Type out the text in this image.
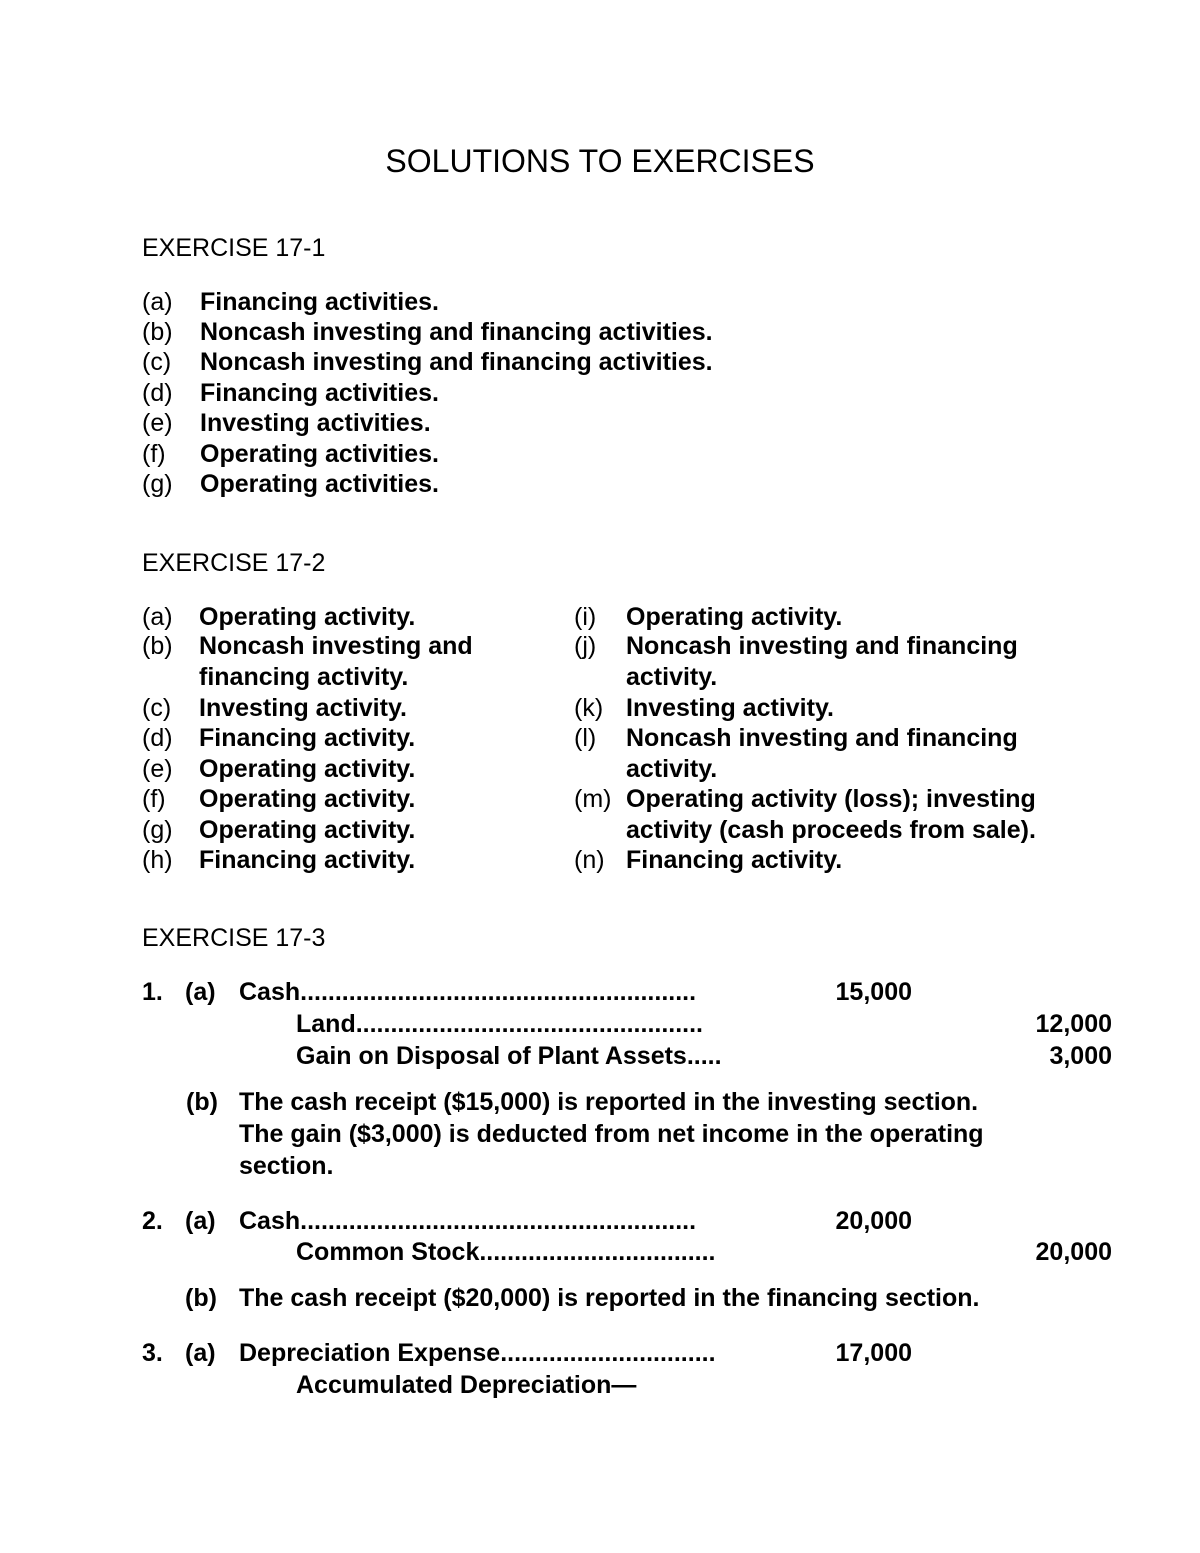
SOLUTIONS TO EXERCISES
EXERCISE 17-1
(a) Financing activities.
(b) Noncash investing and financing activities.
(c) Noncash investing and financing activities.
(d) Financing activities.
(e) Investing activities.
(f) Operating activities.
(g) Operating activities.
EXERCISE 17-2
(a) Operating activity.
(b) Noncash investing and
financing activity.
(c) Investing activity.
(d) Financing activity.
(e) Operating activity.
(f) Operating activity.
(g) Operating activity.
(h) Financing activity.
(i) Operating activity.
(j) Noncash investing and financing
activity.
(k) Investing activity.
(l) Noncash investing and financing
activity.
(m) Operating activity (loss); investing
activity (cash proceeds from sale).
(n) Financing activity.
EXERCISE 17-3
1. (a) Cash.........................................................	15,000
Land..................................................	12,000
Gain on Disposal of Plant Assets.....	3,000
(b) The cash receipt ($15,000) is reported in the investing section.
The gain ($3,000) is deducted from net income in the operating
section.
2. (a) Cash.........................................................	20,000
Common Stock..................................	20,000
(b) The cash receipt ($20,000) is reported in the financing section.
3. (a) Depreciation Expense...............................	17,000
Accumulated Depreciation—
